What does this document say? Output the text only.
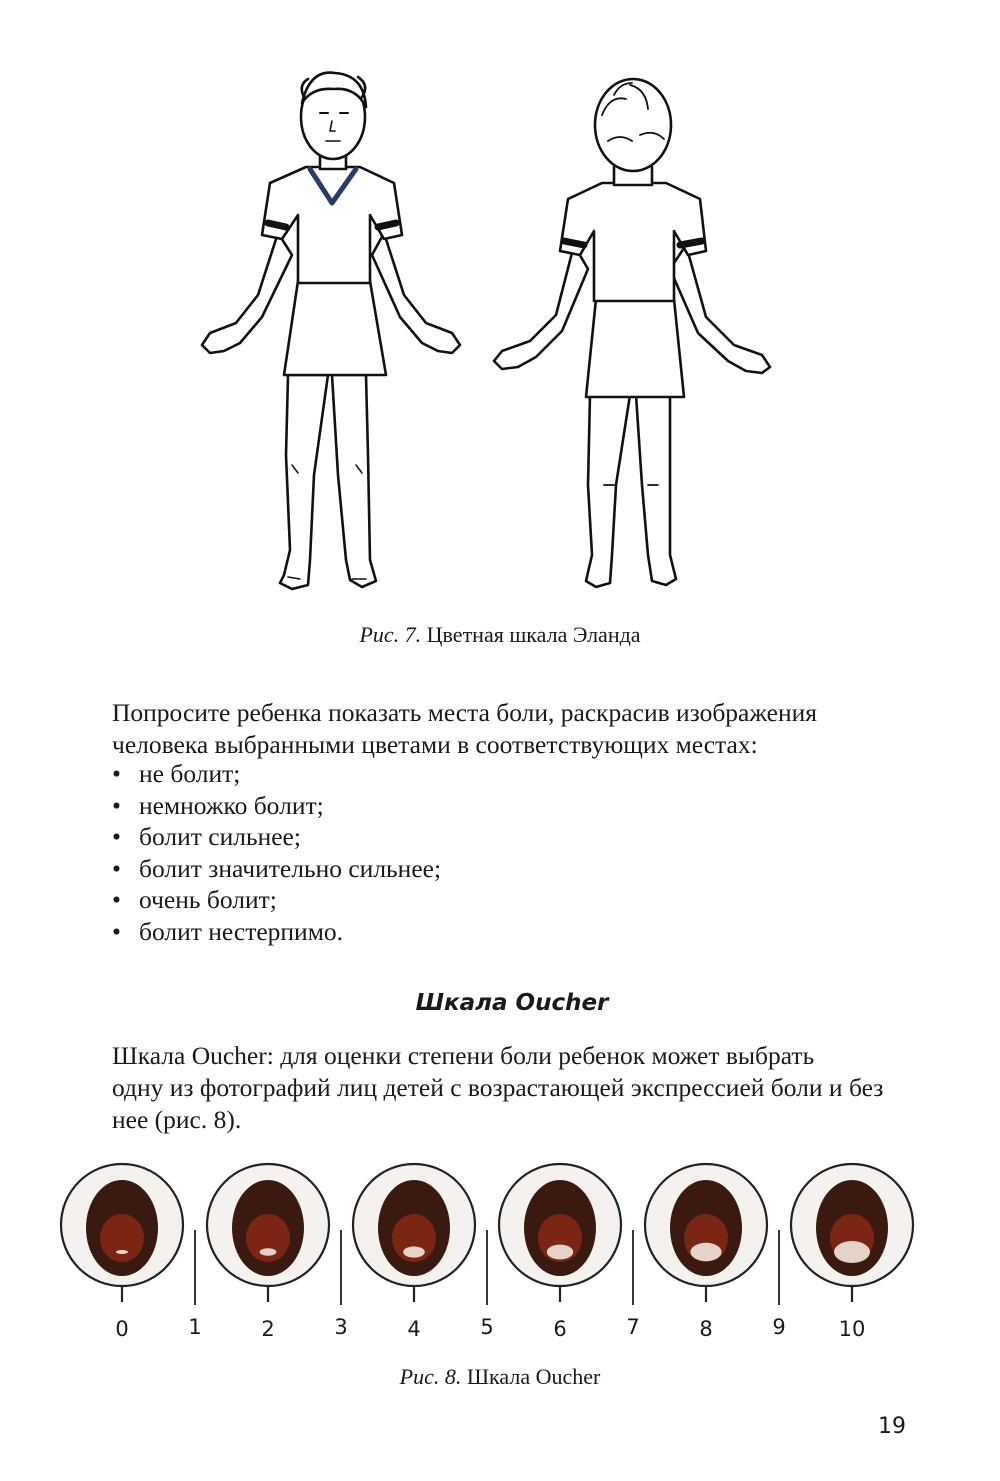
Рис. 7. Цветная шкала Эланда
Попросите ребенка показать места боли, раскрасив изображения
человека выбранными цветами в соответствующих местах:
• не болит;
• немножко болит;
• болит сильнее;
• болит значительно сильнее;
• очень болит;
• болит нестерпимо.
Шкала Oucher
Шкала Oucher: для оценки степени боли ребенок может выбрать
одну из фотографий лиц детей с возрастающей экспрессией боли и без
нее (рис. 8).
0	1	2	3	4	5	6	7	8	9	10
Рис. 8. Шкала Oucher
19
